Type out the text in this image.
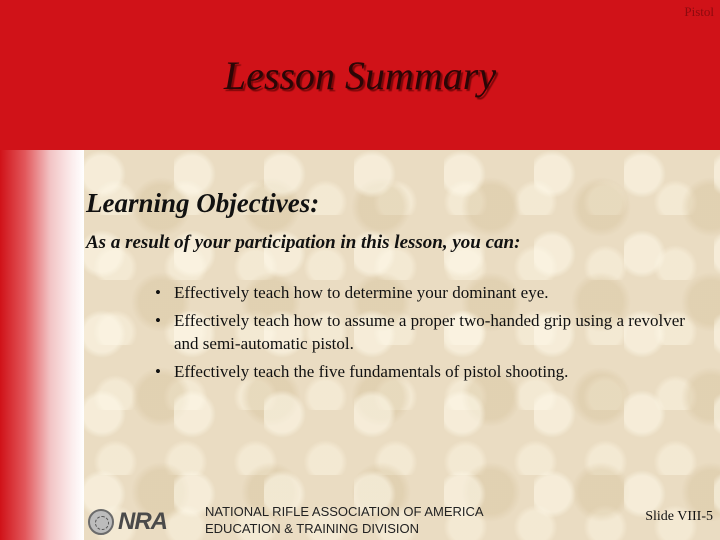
Pistol
Lesson Summary
Learning Objectives:
As a result of your participation in this lesson, you can:
• Effectively teach how to determine your dominant eye.
• Effectively teach how to assume a proper two-handed grip using a revolver and semi-automatic pistol.
• Effectively teach the five fundamentals of pistol shooting.
NRA	NATIONAL RIFLE ASSOCIATION OF AMERICA
EDUCATION & TRAINING DIVISION
Slide VIII-5
